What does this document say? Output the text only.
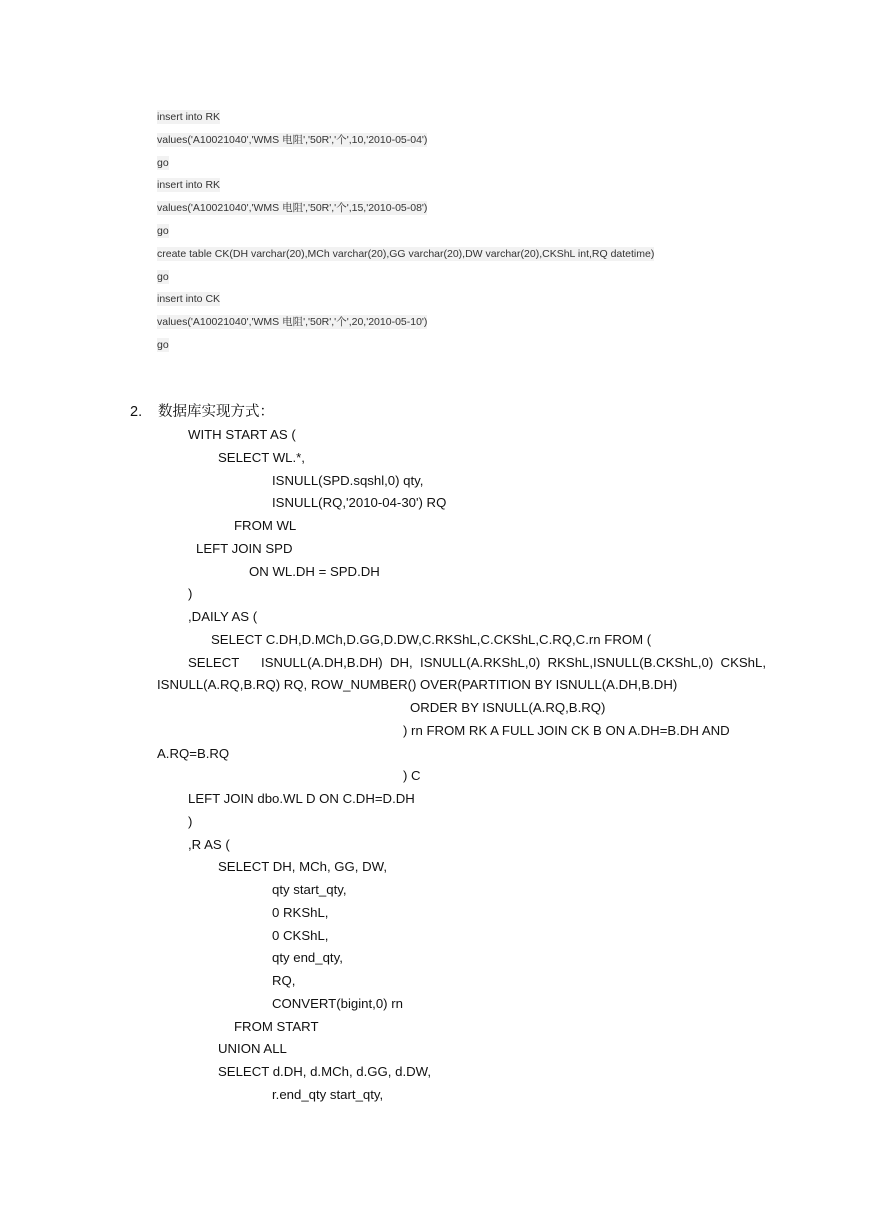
insert into RK
values('A10021040','WMS 电阻','50R','个',10,'2010-05-04')
go
insert into RK
values('A10021040','WMS 电阻','50R','个',15,'2010-05-08')
go
create table CK(DH varchar(20),MCh varchar(20),GG varchar(20),DW varchar(20),CKShL int,RQ datetime)
go
insert into CK
values('A10021040','WMS 电阻','50R','个',20,'2010-05-10')
go
2. 数据库实现方式：
WITH START AS (
SELECT WL.*,
ISNULL(SPD.sqshl,0) qty,
ISNULL(RQ,'2010-04-30') RQ
FROM WL
LEFT JOIN SPD
ON WL.DH = SPD.DH
)
,DAILY AS (
SELECT C.DH,D.MCh,D.GG,D.DW,C.RKShL,C.CKShL,C.RQ,C.rn FROM (
SELECT      ISNULL(A.DH,B.DH)  DH,  ISNULL(A.RKShL,0)  RKShL,ISNULL(B.CKShL,0)  CKShL,
ISNULL(A.RQ,B.RQ) RQ, ROW_NUMBER() OVER(PARTITION BY ISNULL(A.DH,B.DH)
ORDER BY ISNULL(A.RQ,B.RQ)
) rn FROM RK A FULL JOIN CK B ON A.DH=B.DH AND
A.RQ=B.RQ
) C
LEFT JOIN dbo.WL D ON C.DH=D.DH
)
,R AS (
SELECT DH, MCh, GG, DW,
qty start_qty,
0 RKShL,
0 CKShL,
qty end_qty,
RQ,
CONVERT(bigint,0) rn
FROM START
UNION ALL
SELECT d.DH, d.MCh, d.GG, d.DW,
r.end_qty start_qty,
